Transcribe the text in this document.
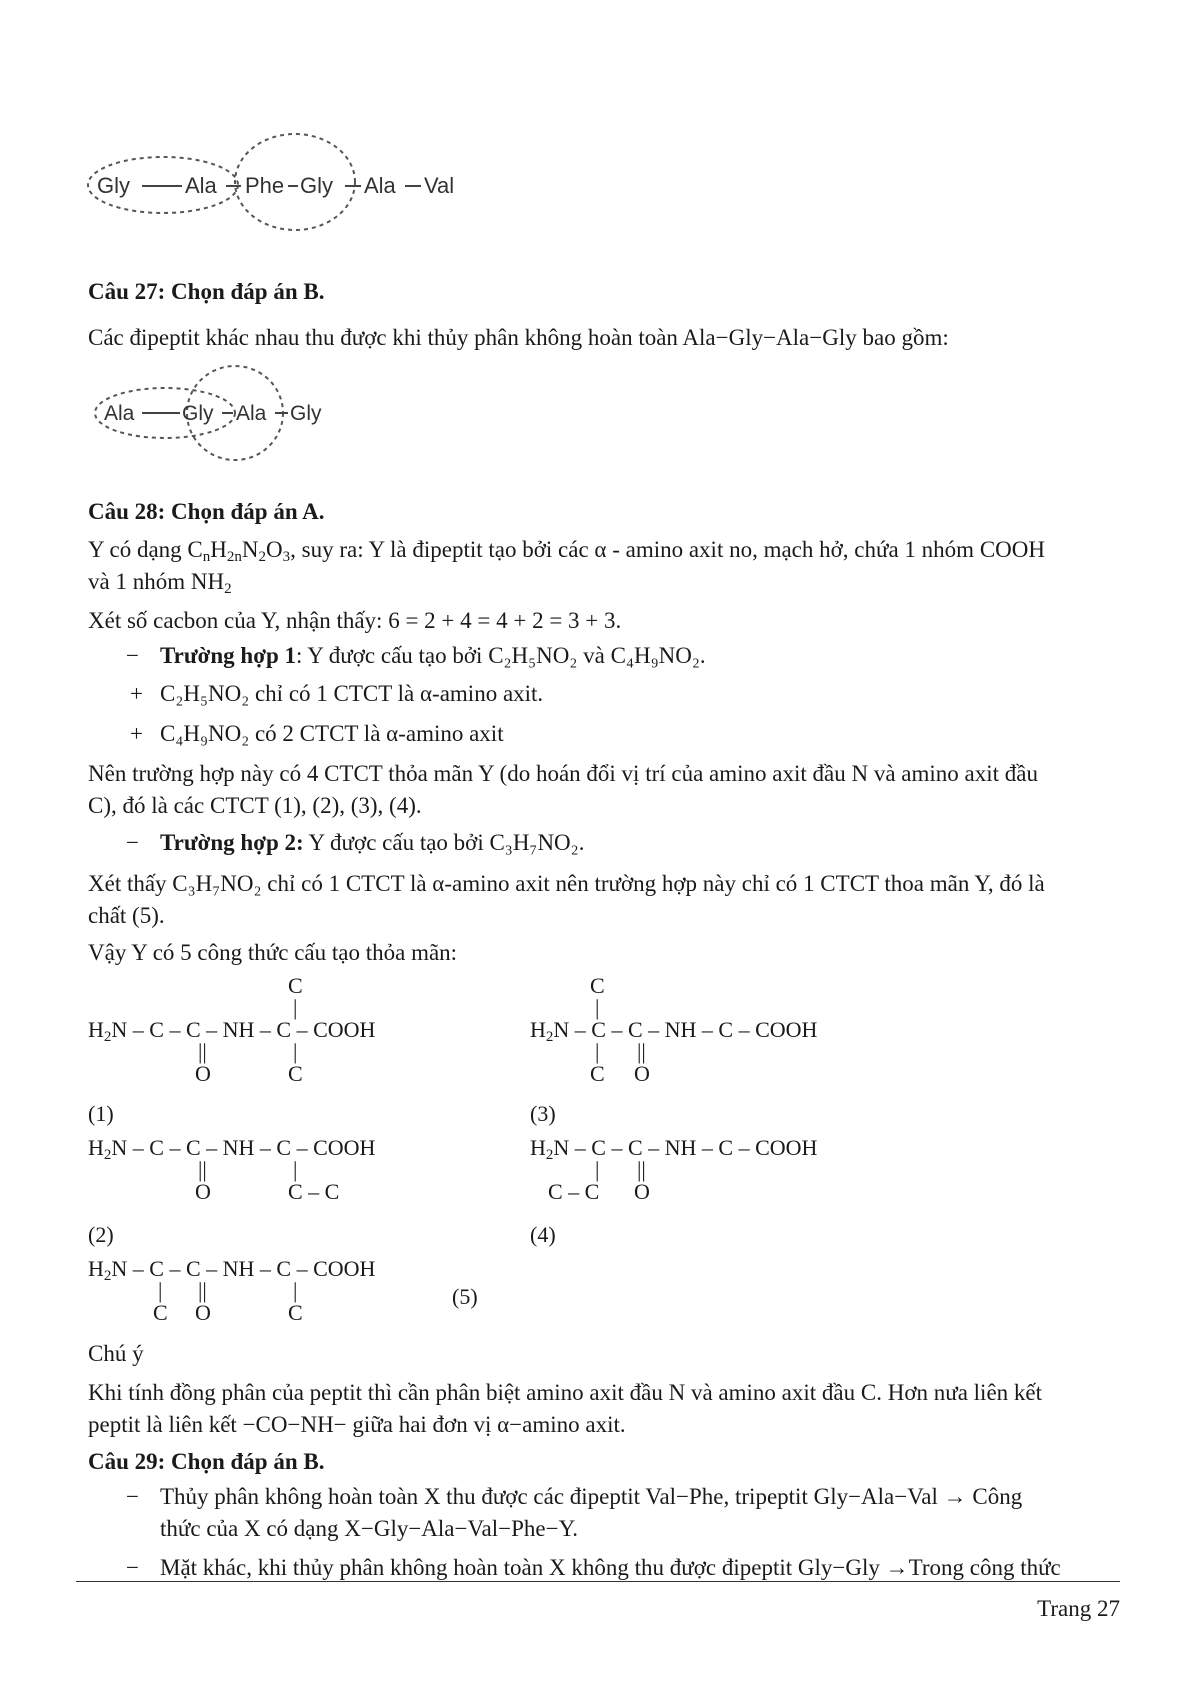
Gly	Ala Phe Gly Ala Val
Câu 27: Chọn đáp án B.
Các đipeptit khác nhau thu được khi thủy phân không hoàn toàn Ala−Gly−Ala−Gly bao gồm:
Ala Gly Ala Gly
Câu 28: Chọn đáp án A.
Y có dạng $C_nH_{2n}N_2O_3$, suy ra: Y là đipeptit tạo bởi các α - amino axit no, mạch hở, chứa 1 nhóm COOH
và 1 nhóm $NH_2$
Xét số cacbon của Y, nhận thấy: 6 = 2 + 4 = 4 + 2 = 3 + 3.
− Trường hợp 1: Y được cấu tạo bởi C₂H₅NO₂ và C₄H₉NO₂.
+ C₂H₅NO₂ chỉ có 1 CTCT là α-amino axit.
+ C₄H₉NO₂ có 2 CTCT là α-amino axit
Nên trường hợp này có 4 CTCT thỏa mãn Y (do hoán đổi vị trí của amino axit đầu N và amino axit đầu
C), đó là các CTCT (1), (2), (3), (4).
− Trường hợp 2: Y được cấu tạo bởi C₃H₇NO₂.
Xét thấy C₃H₇NO₂ chỉ có 1 CTCT là α-amino axit nên trường hợp này chỉ có 1 CTCT thoa mãn Y, đó là
chất (5).
Vậy Y có 5 công thức cấu tạo thỏa mãn:
C
|
$H_2N$ – C – C – NH – C – COOH
||	|
O	C
(1)
C
|
$H_2N$ – C – C – NH – C – COOH
| ||
C O
(3)
$H_2N$ – C – C – NH – C – COOH
||	|
O	C – C
(2)
$H_2N$ – C – C – NH – C – COOH
| ||
C – C O
(4)
$H_2N$ – C – C – NH – C – COOH
| ||	|
C O	C
(5)
Chú ý
Khi tính đồng phân của peptit thì cần phân biệt amino axit đầu N và amino axit đầu C. Hơn nưa liên kết
peptit là liên kết −CO−NH− giữa hai đơn vị α−amino axit.
Câu 29: Chọn đáp án B.
− Thủy phân không hoàn toàn X thu được các đipeptit Val−Phe, tripeptit Gly−Ala−Val → Công
thức của X có dạng X−Gly−Ala−Val−Phe−Y.
− Mặt khác, khi thủy phân không hoàn toàn X không thu được đipeptit Gly−Gly →Trong công thức
Trang 27
